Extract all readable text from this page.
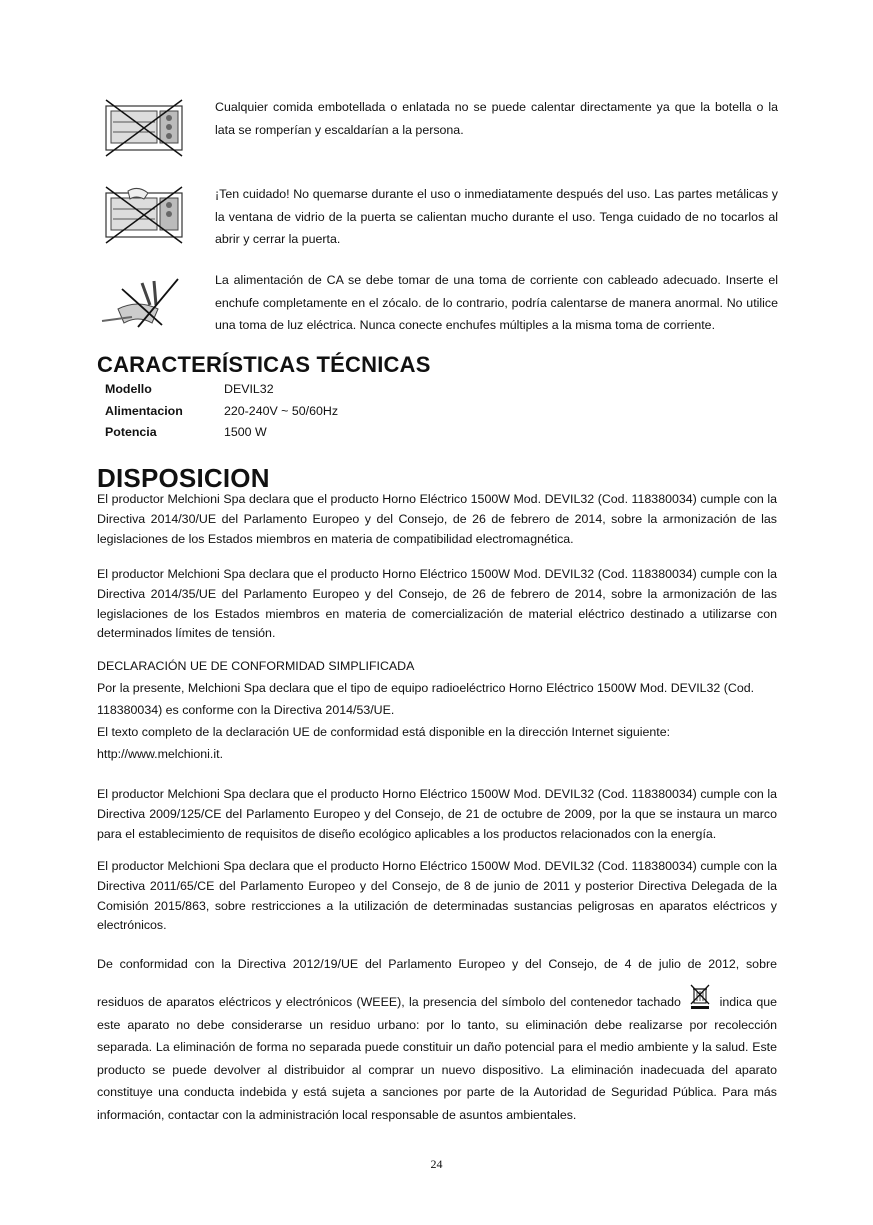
Cualquier comida embotellada o enlatada no se puede calentar directamente ya que la botella o la lata se romperían y escaldarían a la persona.
¡Ten cuidado! No quemarse durante el uso o inmediatamente después del uso. Las partes metálicas y la ventana de vidrio de la puerta se calientan mucho durante el uso. Tenga cuidado de no tocarlos al abrir y cerrar la puerta.
La alimentación de CA se debe tomar de una toma de corriente con cableado adecuado. Inserte el enchufe completamente en el zócalo. de lo contrario, podría calentarse de manera anormal. No utilice una toma de luz eléctrica. Nunca conecte enchufes múltiples a la misma toma de corriente.
CARACTERÍSTICAS TÉCNICAS
Modello	DEVIL32
Alimentacion	220-240V ~ 50/60Hz
Potencia	1500 W
DISPOSICION

El productor Melchioni Spa declara que el producto Horno Eléctrico 1500W Mod. DEVIL32 (Cod. 118380034) cumple con la Directiva 2014/30/UE del Parlamento Europeo y del Consejo, de 26 de febrero de 2014, sobre la armonización de las legislaciones de los Estados miembros en materia de compatibilidad electromagnética.

El productor Melchioni Spa declara que el producto Horno Eléctrico 1500W Mod. DEVIL32 (Cod. 118380034) cumple con la Directiva 2014/35/UE del Parlamento Europeo y del Consejo, de 26 de febrero de 2014, sobre la armonización de las legislaciones de los Estados miembros en materia de comercialización de material eléctrico destinado a utilizarse con determinados límites de tensión.

DECLARACIÓN UE DE CONFORMIDAD SIMPLIFICADA

Por la presente, Melchioni Spa declara que el tipo de equipo radioeléctrico Horno Eléctrico 1500W Mod. DEVIL32 (Cod. 118380034) es conforme con la Directiva 2014/53/UE.

El texto completo de la declaración UE de conformidad está disponible en la dirección Internet siguiente:

http://www.melchioni.it.

El productor Melchioni Spa declara que el producto Horno Eléctrico 1500W Mod. DEVIL32 (Cod. 118380034) cumple con la Directiva 2009/125/CE del Parlamento Europeo y del Consejo, de 21 de octubre de 2009, por la que se instaura un marco para el establecimiento de requisitos de diseño ecológico aplicables a los productos relacionados con la energía.

El productor Melchioni Spa declara que el producto Horno Eléctrico 1500W Mod. DEVIL32 (Cod. 118380034) cumple con la Directiva 2011/65/CE del Parlamento Europeo y del Consejo, de 8 de junio de 2011 y posterior Directiva Delegada de la Comisión 2015/863, sobre restricciones a la utilización de determinadas sustancias peligrosas en aparatos eléctricos y electrónicos.

De conformidad con la Directiva 2012/19/UE del Parlamento Europeo y del Consejo, de 4 de julio de 2012, sobre
residuos de aparatos eléctricos y electrónicos (WEEE), la presencia del símbolo del contenedor tachado	indica que este aparato no debe considerarse un residuo urbano: por lo tanto, su eliminación debe realizarse por recolección separada. La eliminación de forma no separada puede constituir un daño potencial para el medio ambiente y la salud. Este producto se puede devolver al distribuidor al comprar un nuevo dispositivo. La eliminación inadecuada del aparato constituye una conducta indebida y está sujeta a sanciones por parte de la Autoridad de Seguridad Pública. Para más información, contactar con la administración local responsable de asuntos ambientales.
24
